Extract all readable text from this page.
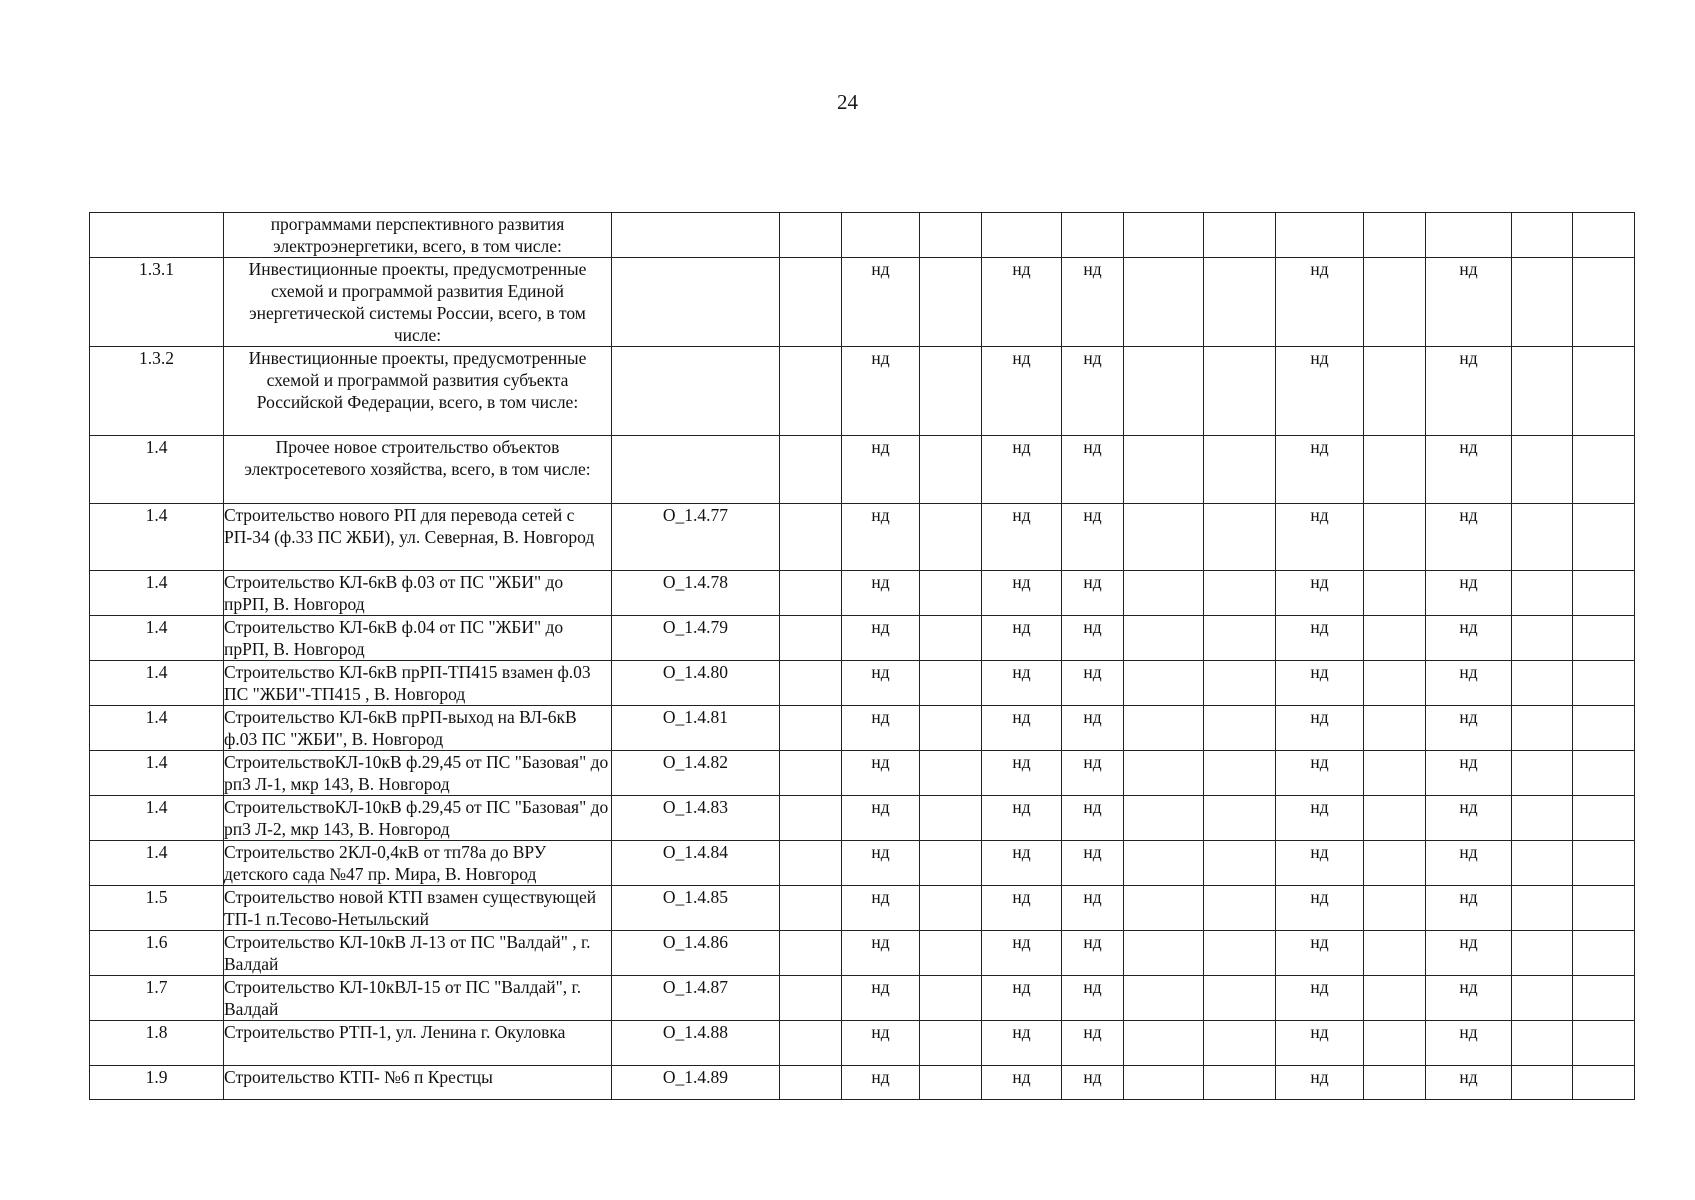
24
	программами перспективного развития электроэнергетики, всего, в том числе:													

1.3.1	Инвестиционные проекты, предусмотренные схемой и программой развития Единой энергетической системы России, всего, в том числе:			нд		нд	нд			нд		нд		

1.3.2	Инвестиционные проекты, предусмотренные схемой и программой развития субъекта Российской Федерации, всего, в том числе:			нд		нд	нд			нд		нд		

1.4	Прочее новое строительство объектов электросетевого хозяйства, всего, в том числе:			нд		нд	нд			нд		нд		

1.4	Строительство нового РП для перевода сетей с РП-34 (ф.33 ПС ЖБИ), ул. Северная, В. Новгород	О_1.4.77		нд		нд	нд			нд		нд		

1.4	Строительство КЛ-6кВ ф.03 от ПС "ЖБИ" до прРП, В. Новгород	О_1.4.78		нд		нд	нд			нд		нд		

1.4	Строительство КЛ-6кВ ф.04 от ПС "ЖБИ" до прРП, В. Новгород	О_1.4.79		нд		нд	нд			нд		нд		

1.4	Строительство КЛ-6кВ прРП-ТП415 взамен ф.03 ПС "ЖБИ"-ТП415 , В. Новгород	О_1.4.80		нд		нд	нд			нд		нд		

1.4	Строительство КЛ-6кВ прРП-выход на ВЛ-6кВ ф.03 ПС "ЖБИ", В. Новгород	О_1.4.81		нд		нд	нд			нд		нд		

1.4	СтроительствоКЛ-10кВ ф.29,45 от ПС "Базовая" до рп3 Л-1, мкр 143, В. Новгород	О_1.4.82		нд		нд	нд			нд		нд		

1.4	СтроительствоКЛ-10кВ ф.29,45 от ПС "Базовая" до рп3 Л-2, мкр 143, В. Новгород	О_1.4.83		нд		нд	нд			нд		нд		

1.4	Строительство 2КЛ-0,4кВ от тп78а до ВРУ детского сада №47 пр. Мира, В. Новгород	О_1.4.84		нд		нд	нд			нд		нд		

1.5	Строительство новой КТП взамен существующей ТП-1 п.Тесово-Нетыльский	О_1.4.85		нд		нд	нд			нд		нд		

1.6	Строительство КЛ-10кВ Л-13 от ПС "Валдай" , г. Валдай	О_1.4.86		нд		нд	нд			нд		нд		

1.7	Строительство КЛ-10кВЛ-15 от ПС "Валдай", г. Валдай	О_1.4.87		нд		нд	нд			нд		нд		

1.8	Строительство РТП-1, ул. Ленина г. Окуловка	О_1.4.88		нд		нд	нд			нд		нд		

1.9	Строительство КТП- №6 п Крестцы	О_1.4.89		нд		нд	нд			нд		нд		
